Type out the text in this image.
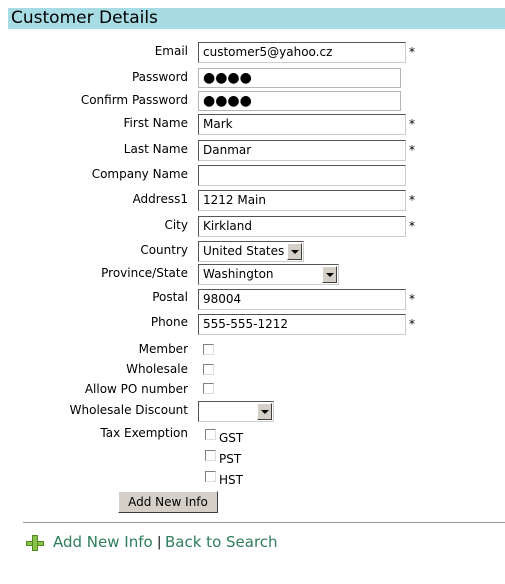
Customer Details
Email	customer5@yahoo.cz	*
Password	●●●●
Confirm Password	●●●●
First Name	Mark	*
Last Name	Danmar	*
Company Name
Address1	1212 Main	*
City	Kirkland	*
Country United States
Province/State Washington
Postal	98004	*
Phone	555-555-1212	*
Member
Wholesale
Allow PO number
Wholesale Discount
Tax Exemption	GST
PST
HST
Add New Info
Add New Info | Back to Search
